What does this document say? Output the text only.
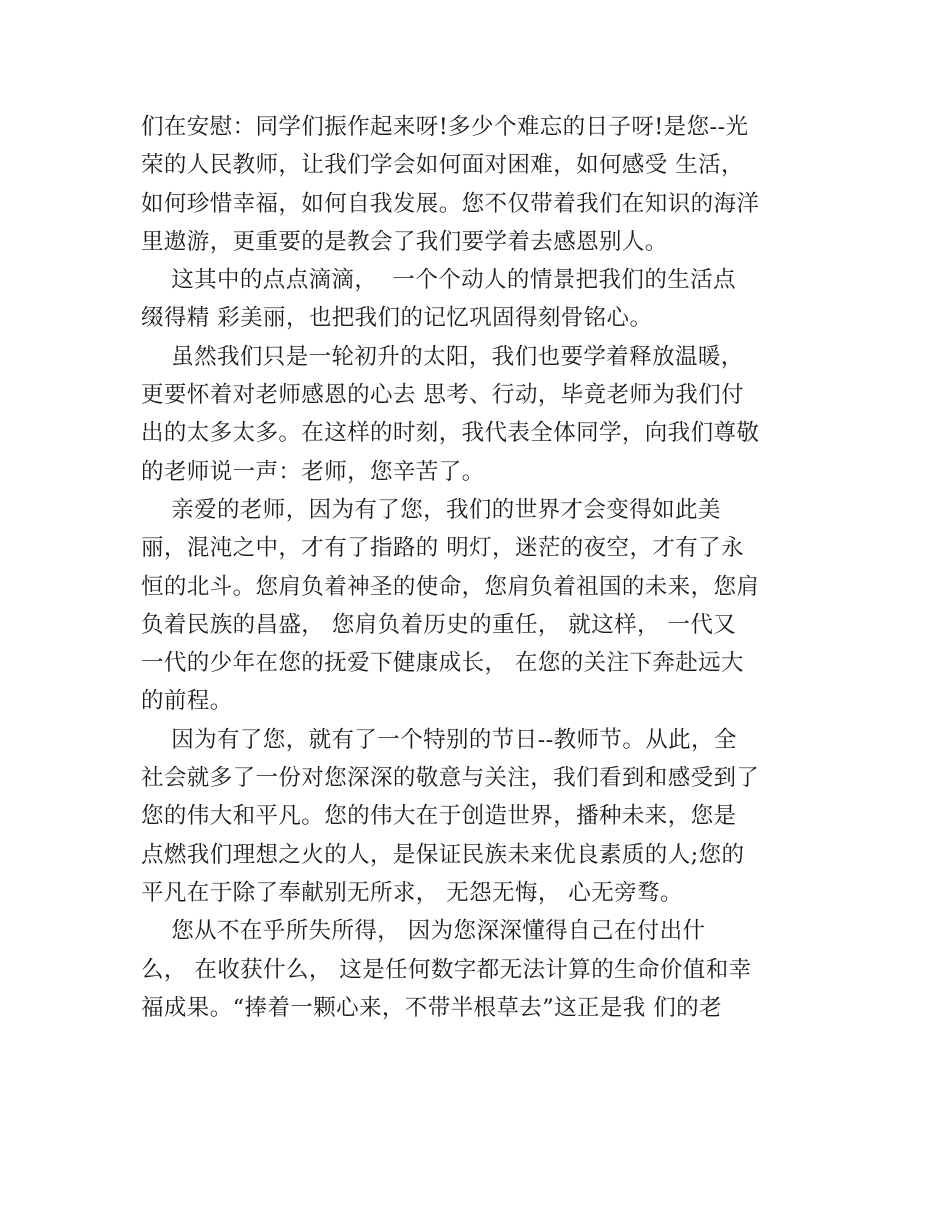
们在安慰：同学们振作起来呀!多少个难忘的日子呀!是您--光
荣的人民教师，让我们学会如何面对困难，如何感受 生活，
如何珍惜幸福，如何自我发展。您不仅带着我们在知识的海洋
里遨游，更重要的是教会了我们要学着去感恩别人。
这其中的点点滴滴，  一个个动人的情景把我们的生活点
缀得精 彩美丽，也把我们的记忆巩固得刻骨铭心。
虽然我们只是一轮初升的太阳，我们也要学着释放温暖，
更要怀着对老师感恩的心去 思考、行动，毕竟老师为我们付
出的太多太多。在这样的时刻，我代表全体同学，向我们尊敬
的老师说一声：老师，您辛苦了。
亲爱的老师，因为有了您，我们的世界才会变得如此美
丽，混沌之中，才有了指路的 明灯，迷茫的夜空，才有了永
恒的北斗。您肩负着神圣的使命，您肩负着祖国的未来，您肩
负着民族的昌盛， 您肩负着历史的重任， 就这样， 一代又
一代的少年在您的抚爱下健康成长， 在您的关注下奔赴远大
的前程。
因为有了您，就有了一个特别的节日--教师节。从此，全
社会就多了一份对您深深的敬意与关注，我们看到和感受到了
您的伟大和平凡。您的伟大在于创造世界，播种未来，您是
点燃我们理想之火的人，是保证民族未来优良素质的人;您的
平凡在于除了奉献别无所求， 无怨无悔， 心无旁骛。
您从不在乎所失所得， 因为您深深懂得自己在付出什
么， 在收获什么， 这是任何数字都无法计算的生命价值和幸
福成果。“捧着一颗心来，不带半根草去”这正是我 们的老
